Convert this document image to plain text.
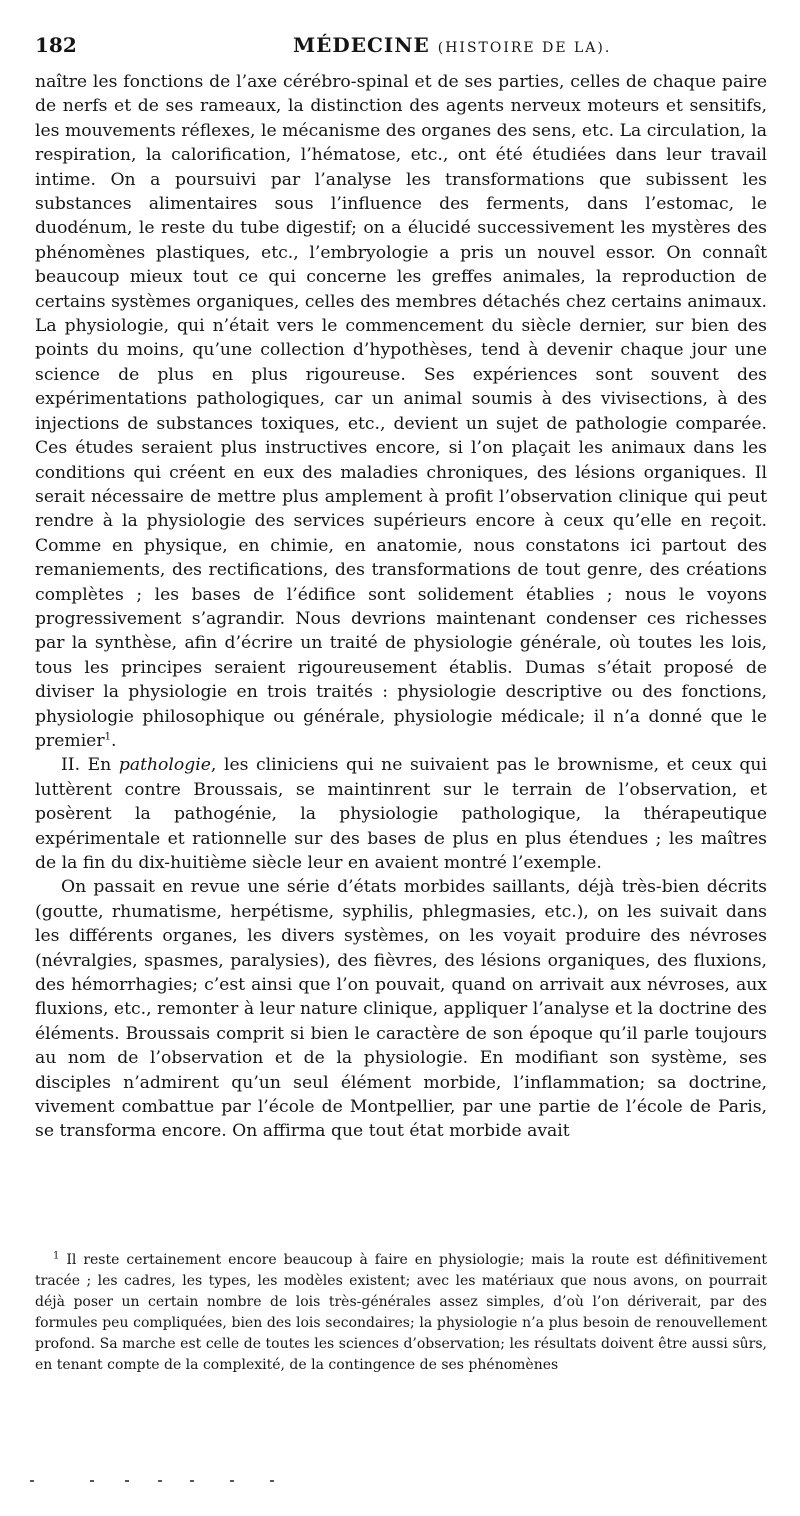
182	MÉDECINE (HISTOIRE DE LA).

naître les fonctions de l’axe cérébro-spinal et de ses parties, celles de chaque paire de nerfs et de ses rameaux, la distinction des agents nerveux moteurs et sensitifs, les mouvements réflexes, le mécanisme des organes des sens, etc. La circulation, la respiration, la calorification, l’hématose, etc., ont été étudiées dans leur travail intime. On a poursuivi par l’analyse les transformations que subissent les substances alimentaires sous l’influence des ferments, dans l’estomac, le duodénum, le reste du tube digestif; on a élucidé successivement les mystères des phénomènes plastiques, etc., l’embryologie a pris un nouvel essor. On connaît beaucoup mieux tout ce qui concerne les greffes animales, la reproduction de certains systèmes organiques, celles des membres détachés chez certains animaux. La physiologie, qui n’était vers le commencement du siècle dernier, sur bien des points du moins, qu’une collection d’hypothèses, tend à devenir chaque jour une science de plus en plus rigoureuse. Ses expériences sont souvent des expérimentations pathologiques, car un animal soumis à des vivisections, à des injections de substances toxiques, etc., devient un sujet de pathologie comparée. Ces études seraient plus instructives encore, si l’on plaçait les animaux dans les conditions qui créent en eux des maladies chroniques, des lésions organiques. Il serait nécessaire de mettre plus amplement à profit l’observation clinique qui peut rendre à la physiologie des services supérieurs encore à ceux qu’elle en reçoit. Comme en physique, en chimie, en anatomie, nous constatons ici partout des remaniements, des rectifications, des transformations de tout genre, des créations complètes ; les bases de l’édifice sont solidement établies ; nous le voyons progressivement s’agrandir. Nous devrions maintenant condenser ces richesses par la synthèse, afin d’écrire un traité de physiologie générale, où toutes les lois, tous les principes seraient rigoureusement établis. Dumas s’était proposé de diviser la physiologie en trois traités : physiologie descriptive ou des fonctions, physiologie philosophique ou générale, physiologie médicale; il n’a donné que le premier$^1$.

II. En pathologie, les cliniciens qui ne suivaient pas le brownisme, et ceux qui luttèrent contre Broussais, se maintinrent sur le terrain de l’observation, et posèrent la pathogénie, la physiologie pathologique, la thérapeutique expérimentale et rationnelle sur des bases de plus en plus étendues ; les maîtres de la fin du dix-huitième siècle leur en avaient montré l’exemple.

On passait en revue une série d’états morbides saillants, déjà très-bien décrits (goutte, rhumatisme, herpétisme, syphilis, phlegmasies, etc.), on les suivait dans les différents organes, les divers systèmes, on les voyait produire des névroses (névralgies, spasmes, paralysies), des fièvres, des lésions organiques, des fluxions, des hémorrhagies; c’est ainsi que l’on pouvait, quand on arrivait aux névroses, aux fluxions, etc., remonter à leur nature clinique, appliquer l’analyse et la doctrine des éléments. Broussais comprit si bien le caractère de son époque qu’il parle toujours au nom de l’observation et de la physiologie. En modifiant son système, ses disciples n’admirent qu’un seul élément morbide, l’inflammation; sa doctrine, vivement combattue par l’école de Montpellier, par une partie de l’école de Paris, se transforma encore. On affirma que tout état morbide avait

$^1$ Il reste certainement encore beaucoup à faire en physiologie; mais la route est définitivement tracée ; les cadres, les types, les modèles existent; avec les matériaux que nous avons, on pourrait déjà poser un certain nombre de lois très-générales assez simples, d’où l’on dériverait, par des formules peu compliquées, bien des lois secondaires; la physiologie n’a plus besoin de renouvellement profond. Sa marche est celle de toutes les sciences d’observation; les résultats doivent être aussi sûrs, en tenant compte de la complexité, de la contingence de ses phénomènes
